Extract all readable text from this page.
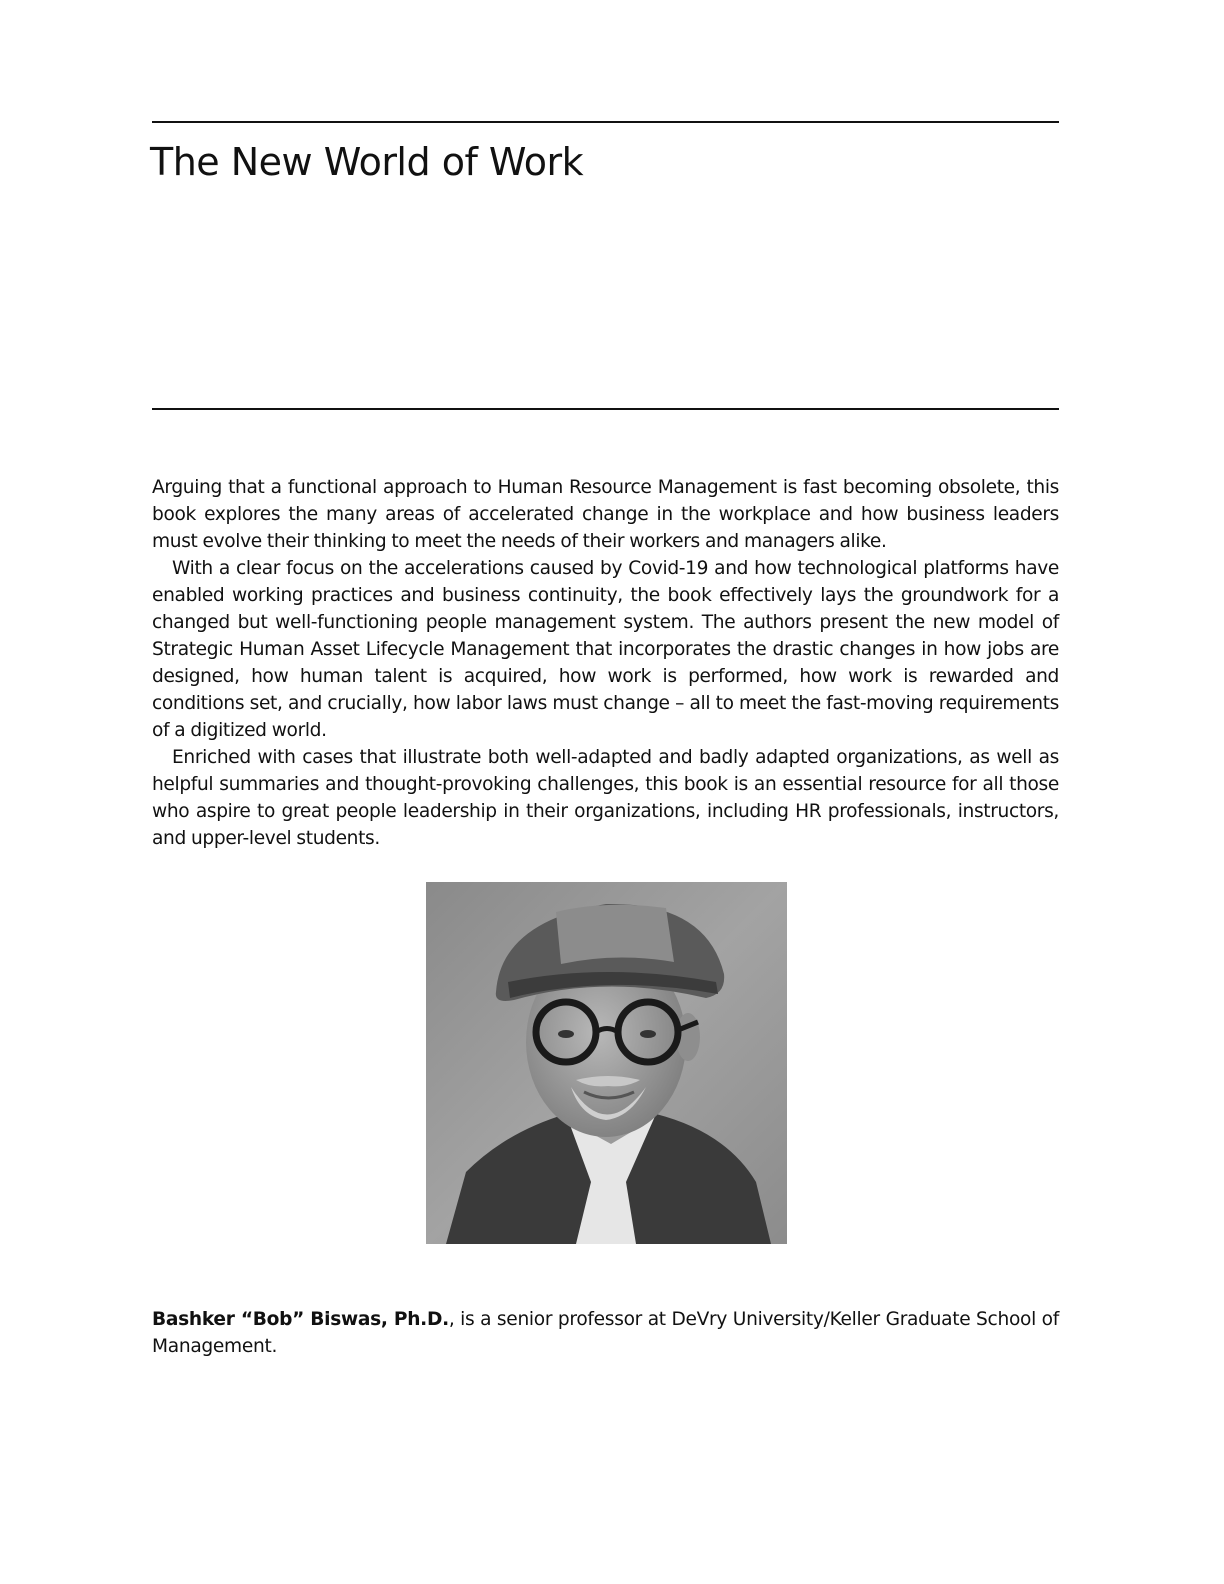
The New World of Work

Arguing that a functional approach to Human Resource Management is fast becoming obsolete, this book explores the many areas of accelerated change in the workplace and how business leaders must evolve their thinking to meet the needs of their workers and managers alike.

With a clear focus on the accelerations caused by Covid-19 and how technological platforms have enabled working practices and business continuity, the book effectively lays the groundwork for a changed but well-functioning people management system. The authors present the new model of Strategic Human Asset Lifecycle Management that incorporates the drastic changes in how jobs are designed, how human talent is acquired, how work is performed, how work is rewarded and conditions set, and crucially, how labor laws must change – all to meet the fast-moving requirements of a digitized world.

Enriched with cases that illustrate both well-adapted and badly adapted organizations, as well as helpful summaries and thought-provoking challenges, this book is an essential resource for all those who aspire to great people leadership in their organizations, including HR professionals, instructors, and upper-level students.

Bashker “Bob” Biswas, Ph.D., is a senior professor at DeVry University/Keller Graduate School of Management.
